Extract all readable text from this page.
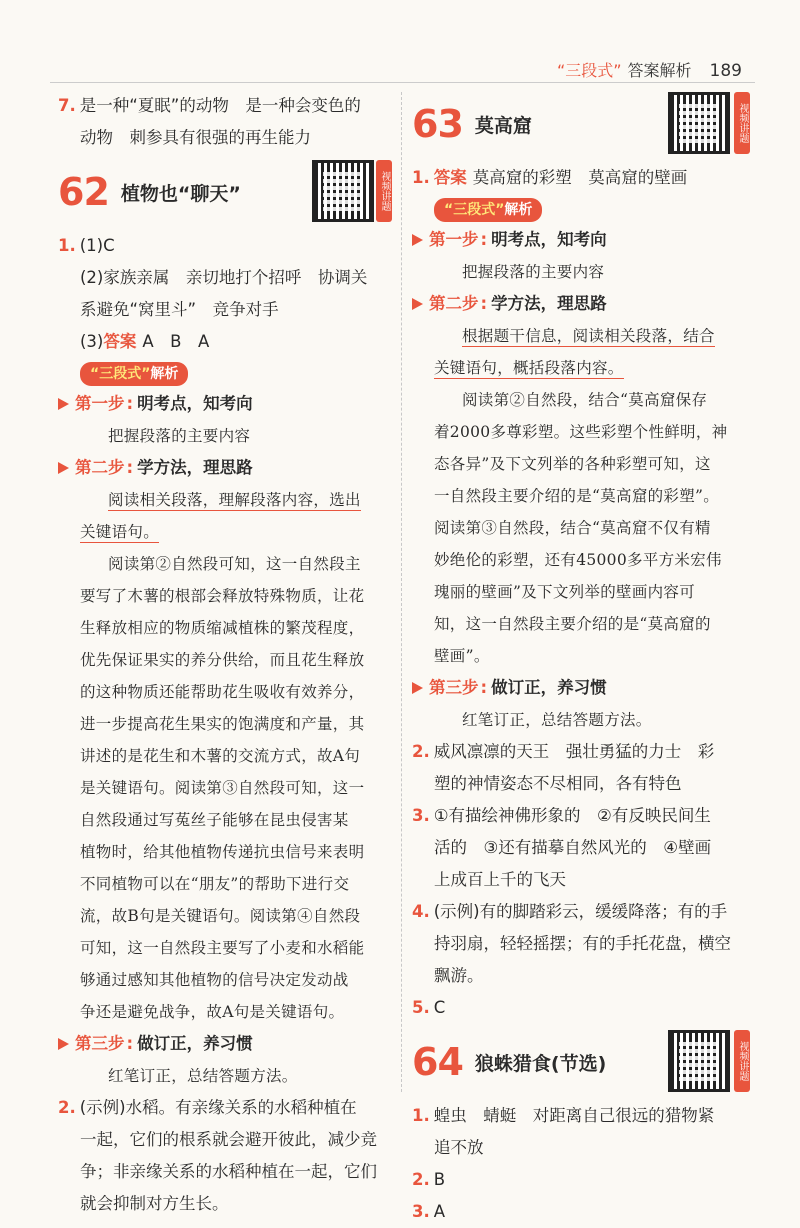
“三段式” 答案解析 189
7. 是一种“夏眠”的动物　是一种会变色的
动物　刺参具有很强的再生能力
62 植物也“聊天”	视频讲题
1. (1)C
(2)家族亲属　亲切地打个招呼　协调关
系避免“窝里斗”　竞争对手
(3)答案 A　B　A
“三段式”解析
第一步 : 明考点，知考向
把握段落的主要内容
第二步 : 学方法，理思路
阅读相关段落，理解段落内容，选出
关键语句。
阅读第②自然段可知，这一自然段主
要写了木薯的根部会释放特殊物质，让花
生释放相应的物质缩减植株的繁茂程度，
优先保证果实的养分供给，而且花生释放
的这种物质还能帮助花生吸收有效养分，
进一步提高花生果实的饱满度和产量，其
讲述的是花生和木薯的交流方式，故A句
是关键语句。阅读第③自然段可知，这一
自然段通过写菟丝子能够在昆虫侵害某
植物时，给其他植物传递抗虫信号来表明
不同植物可以在“朋友”的帮助下进行交
流，故B句是关键语句。阅读第④自然段
可知，这一自然段主要写了小麦和水稻能
够通过感知其他植物的信号决定发动战
争还是避免战争，故A句是关键语句。
第三步 : 做订正，养习惯
红笔订正，总结答题方法。
2. (示例)水稻。有亲缘关系的水稻种植在
一起，它们的根系就会避开彼此，减少竞
争；非亲缘关系的水稻种植在一起，它们
就会抑制对方生长。
63 莫高窟	视频讲题
1. 答案 莫高窟的彩塑　莫高窟的壁画
“三段式”解析
第一步 : 明考点，知考向
把握段落的主要内容
第二步 : 学方法，理思路
根据题干信息，阅读相关段落，结合
关键语句，概括段落内容。
阅读第②自然段，结合“莫高窟保存
着2000多尊彩塑。这些彩塑个性鲜明，神
态各异”及下文列举的各种彩塑可知，这
一自然段主要介绍的是“莫高窟的彩塑”。
阅读第③自然段，结合“莫高窟不仅有精
妙绝伦的彩塑，还有45000多平方米宏伟
瑰丽的壁画”及下文列举的壁画内容可
知，这一自然段主要介绍的是“莫高窟的
壁画”。
第三步 : 做订正，养习惯
红笔订正，总结答题方法。
2. 威风凛凛的天王　强壮勇猛的力士　彩
塑的神情姿态不尽相同，各有特色
3. ①有描绘神佛形象的　②有反映民间生
活的　③还有描摹自然风光的　④壁画
上成百上千的飞天
4. (示例)有的脚踏彩云，缓缓降落；有的手
持羽扇，轻轻摇摆；有的手托花盘，横空
飘游。
5. C
64 狼蛛猎食(节选)	视频讲题
1. 蝗虫　蜻蜓　对距离自己很远的猎物紧
追不放
2. B
3. A
